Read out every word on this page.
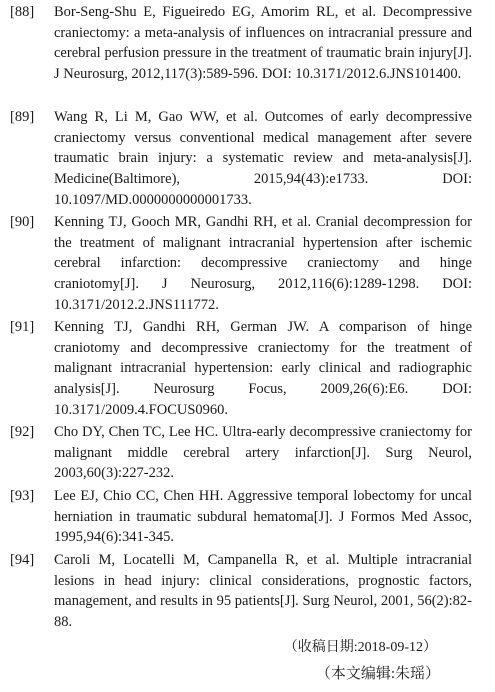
[88] Bor-Seng-Shu E, Figueiredo EG, Amorim RL, et al. Decompressive craniectomy: a meta-analysis of influences on intracranial pressure and cerebral perfusion pressure in the treatment of traumatic brain injury[J]. J Neurosurg, 2012,117(3):589-596. DOI: 10.3171/2012.6.JNS101400.
[89] Wang R, Li M, Gao WW, et al. Outcomes of early decompressive craniectomy versus conventional medical management after severe traumatic brain injury: a systematic review and meta-analysis[J]. Medicine(Baltimore), 2015,94(43):e1733. DOI: 10.1097/MD.0000000000001733.
[90] Kenning TJ, Gooch MR, Gandhi RH, et al. Cranial decompression for the treatment of malignant intracranial hypertension after ischemic cerebral infarction: decompressive craniectomy and hinge craniotomy[J]. J Neurosurg, 2012,116(6):1289-1298. DOI: 10.3171/2012.2.JNS111772.
[91] Kenning TJ, Gandhi RH, German JW. A comparison of hinge craniotomy and decompressive craniectomy for the treatment of malignant intracranial hypertension: early clinical and radiographic analysis[J]. Neurosurg Focus, 2009,26(6):E6. DOI: 10.3171/2009.4.FOCUS0960.
[92] Cho DY, Chen TC, Lee HC. Ultra-early decompressive craniectomy for malignant middle cerebral artery infarction[J]. Surg Neurol, 2003,60(3):227-232.
[93] Lee EJ, Chio CC, Chen HH. Aggressive temporal lobectomy for uncal herniation in traumatic subdural hematoma[J]. J Formos Med Assoc, 1995,94(6):341-345.
[94] Caroli M, Locatelli M, Campanella R, et al. Multiple intracranial lesions in head injury: clinical considerations, prognostic factors, management, and results in 95 patients[J]. Surg Neurol, 2001, 56(2):82-88.
（收稿日期:2018-09-12）
（本文编辑:朱瑶）
